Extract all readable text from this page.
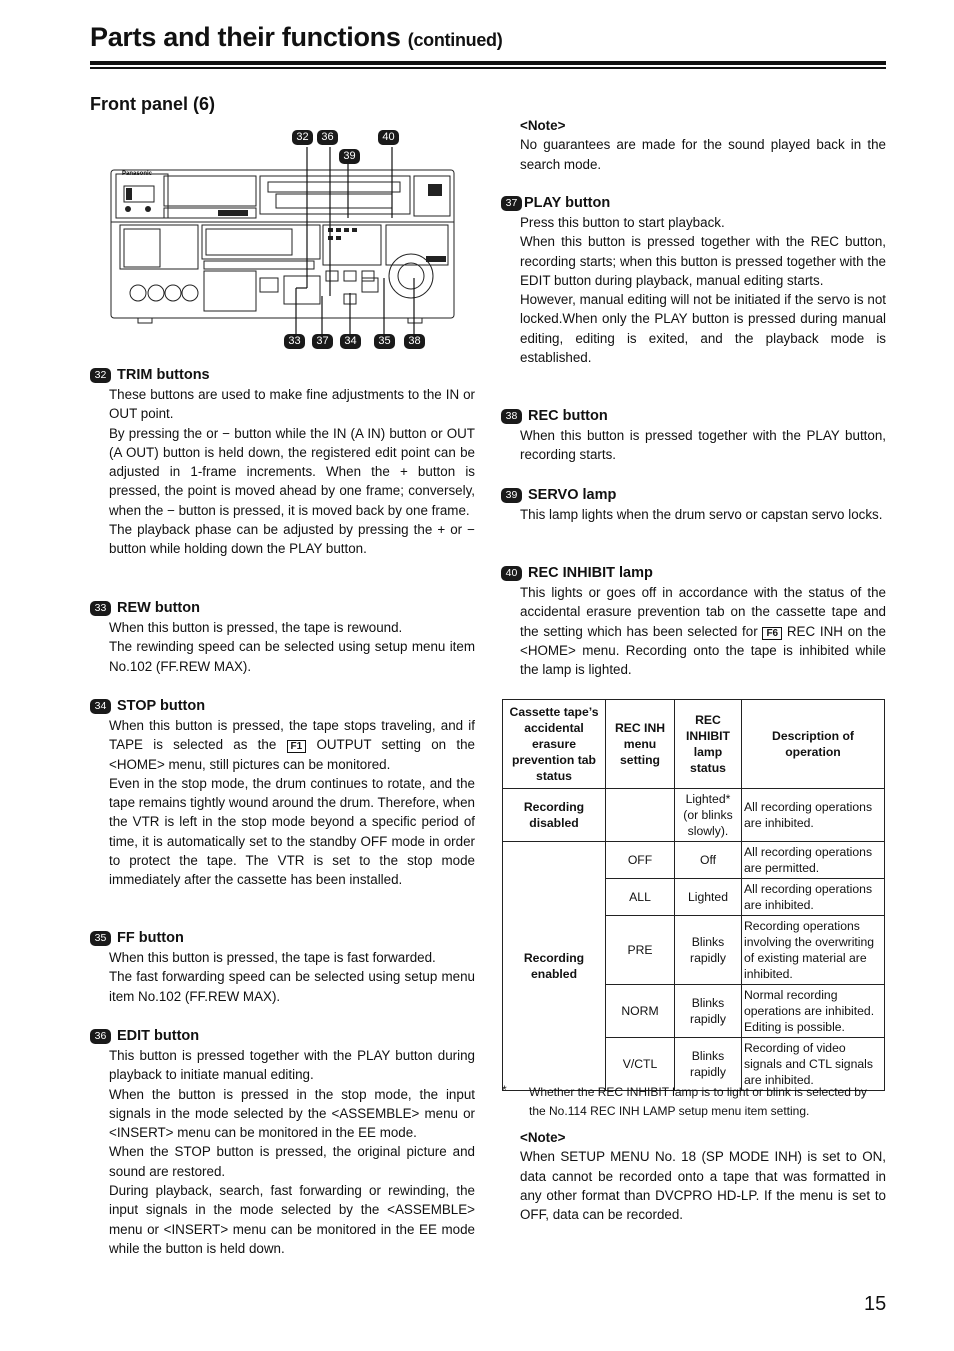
Parts and their functions (continued)
Front panel (6)
Panasonic
32	36	40
39
33	37	34	35	38
32 TRIM buttons

These buttons are used to make fine adjustments to the IN or OUT point.

By pressing the or − button while the IN (A IN) button or OUT (A OUT) button is held down, the registered edit point can be adjusted in 1-frame increments. When the + button is pressed, the point is moved ahead by one frame; conversely, when the − button is pressed, it is moved back by one frame.

The playback phase can be adjusted by pressing the + or − button while holding down the PLAY button.

33 REW button

When this button is pressed, the tape is rewound.

The rewinding speed can be selected using setup menu item No.102 (FF.REW MAX).

34 STOP button

When this button is pressed, the tape stops traveling, and if TAPE is selected as the F1 OUTPUT setting on the <HOME> menu, still pictures can be monitored.

Even in the stop mode, the drum continues to rotate, and the tape remains tightly wound around the drum. Therefore, when the VTR is left in the stop mode beyond a specific period of time, it is automatically set to the standby OFF mode in order to protect the tape. The VTR is set to the stop mode immediately after the cassette has been installed.

35 FF button

When this button is pressed, the tape is fast forwarded.

The fast forwarding speed can be selected using setup menu item No.102 (FF.REW MAX).

36 EDIT button

This button is pressed together with the PLAY button during playback to initiate manual editing.

When the button is pressed in the stop mode, the input signals in the mode selected by the <ASSEMBLE> menu or <INSERT> menu can be monitored in the EE mode.

When the STOP button is pressed, the original picture and sound are restored.

During playback, search, fast forwarding or rewinding, the input signals in the mode selected by the <ASSEMBLE> menu or <INSERT> menu can be monitored in the EE mode while the button is held down.

<Note>

No guarantees are made for the sound played back in the search mode.

37 PLAY button

Press this button to start playback.

When this button is pressed together with the REC button, recording starts; when this button is pressed together with the EDIT button during playback, manual editing starts.

However, manual editing will not be initiated if the servo is not locked.When only the PLAY button is pressed during manual editing, editing is exited, and the playback mode is established.

38 REC button

When this button is pressed together with the PLAY button, recording starts.

39 SERVO lamp

This lamp lights when the drum servo or capstan servo locks.

40 REC INHIBIT lamp

This lights or goes off in accordance with the status of the accidental erasure prevention tab on the cassette tape and the setting which has been selected for F6 REC INH on the <HOME> menu. Recording onto the tape is inhibited while the lamp is lighted.

Cassette tape’s accidental erasure prevention tab status	REC INH menu setting	REC INHIBIT lamp status	Description of operation
Recording disabled		Lighted* (or blinks slowly).	All recording operations are inhibited.
Recording enabled	OFF	Off	All recording operations are permitted.
	ALL	Lighted	All recording operations are inhibited.
	PRE	Blinks rapidly	Recording operations involving the overwriting of existing material are inhibited.
	NORM	Blinks rapidly	Normal recording operations are inhibited. Editing is possible.
	V/CTL	Blinks rapidly	Recording of video signals and CTL signals are inhibited.
* Whether the REC INHIBIT lamp is to light or blink is selected by the No.114 REC INH LAMP setup menu item setting.
<Note>

When SETUP MENU No. 18 (SP MODE INH) is set to ON, data cannot be recorded onto a tape that was formatted in any other format than DVCPRO HD-LP. If the menu is set to OFF, data can be recorded.

15
